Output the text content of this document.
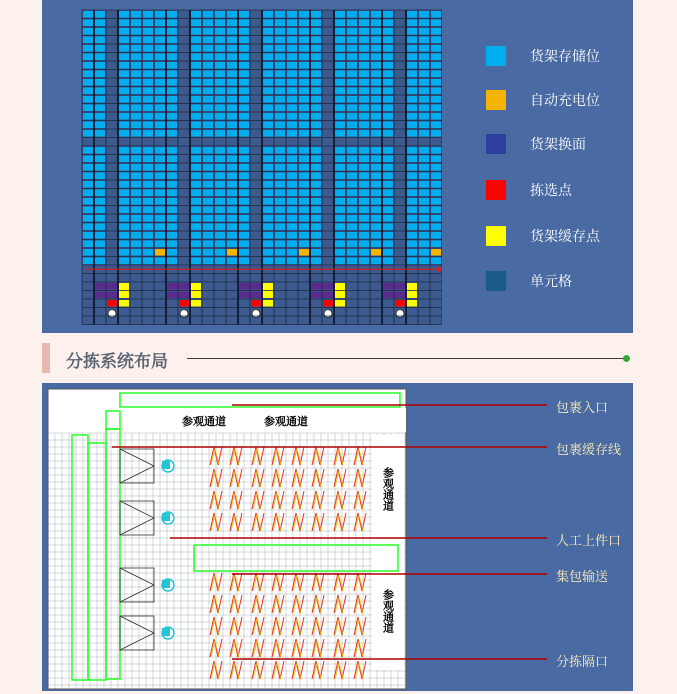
货架存储位
自动充电位
货架换面
拣选点
货架缓存点
单元格
分拣系统布局
参观通道	参观通道
参观通道
参观通道
包裹入口
包裹缓存线
人工上件口
集包输送
分拣隔口
